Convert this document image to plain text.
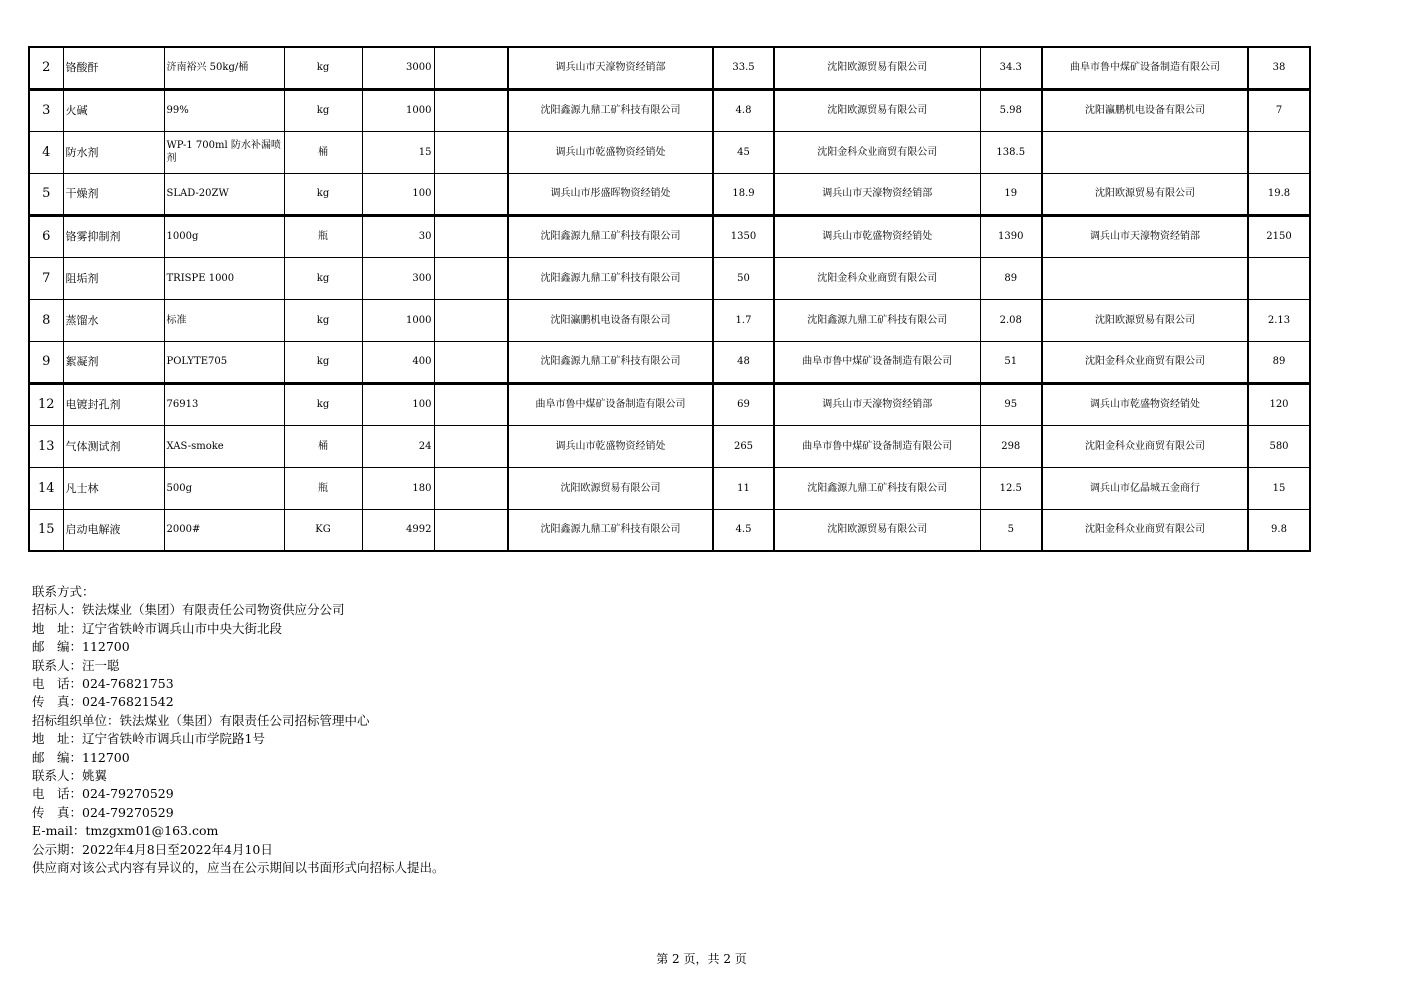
2	铬酸酐	济南裕兴 50kg/桶	kg	3000		调兵山市天濠物资经销部	33.5	沈阳欧源贸易有限公司	34.3	曲阜市鲁中煤矿设备制造有限公司	38
3	火碱	99%	kg	1000		沈阳鑫源九鼎工矿科技有限公司	4.8	沈阳欧源贸易有限公司	5.98	沈阳瀛鹏机电设备有限公司	7
4	防水剂	WP-1 700ml 防水补漏喷剂	桶	15		调兵山市乾盛物资经销处	45	沈阳金科众业商贸有限公司	138.5		
5	干燥剂	SLAD-20ZW	kg	100		调兵山市彤盛晖物资经销处	18.9	调兵山市天濠物资经销部	19	沈阳欧源贸易有限公司	19.8
6	铬雾抑制剂	1000g	瓶	30		沈阳鑫源九鼎工矿科技有限公司	1350	调兵山市乾盛物资经销处	1390	调兵山市天濠物资经销部	2150
7	阻垢剂	TRISPE 1000	kg	300		沈阳鑫源九鼎工矿科技有限公司	50	沈阳金科众业商贸有限公司	89		
8	蒸馏水	标准	kg	1000		沈阳瀛鹏机电设备有限公司	1.7	沈阳鑫源九鼎工矿科技有限公司	2.08	沈阳欧源贸易有限公司	2.13
9	絮凝剂	POLYTE705	kg	400		沈阳鑫源九鼎工矿科技有限公司	48	曲阜市鲁中煤矿设备制造有限公司	51	沈阳金科众业商贸有限公司	89
12	电镀封孔剂	76913	kg	100		曲阜市鲁中煤矿设备制造有限公司	69	调兵山市天濠物资经销部	95	调兵山市乾盛物资经销处	120
13	气体测试剂	XAS-smoke	桶	24		调兵山市乾盛物资经销处	265	曲阜市鲁中煤矿设备制造有限公司	298	沈阳金科众业商贸有限公司	580
14	凡士林	500g	瓶	180		沈阳欧源贸易有限公司	11	沈阳鑫源九鼎工矿科技有限公司	12.5	调兵山市亿晶城五金商行	15
15	启动电解液	2000#	KG	4992		沈阳鑫源九鼎工矿科技有限公司	4.5	沈阳欧源贸易有限公司	5	沈阳金科众业商贸有限公司	9.8
联系方式：
招标人：铁法煤业（集团）有限责任公司物资供应分公司
地　址：辽宁省铁岭市调兵山市中央大街北段
邮　编：112700
联系人：汪一聪
电　话：024-76821753
传　真：024-76821542
招标组织单位：铁法煤业（集团）有限责任公司招标管理中心
地　址：辽宁省铁岭市调兵山市学院路1号
邮　编：112700
联系人：姚翼
电　话：024-79270529
传　真：024-79270529
E-mail：tmzgxm01@163.com
公示期：2022年4月8日至2022年4月10日
供应商对该公式内容有异议的，应当在公示期间以书面形式向招标人提出。
第 2 页，共 2 页
